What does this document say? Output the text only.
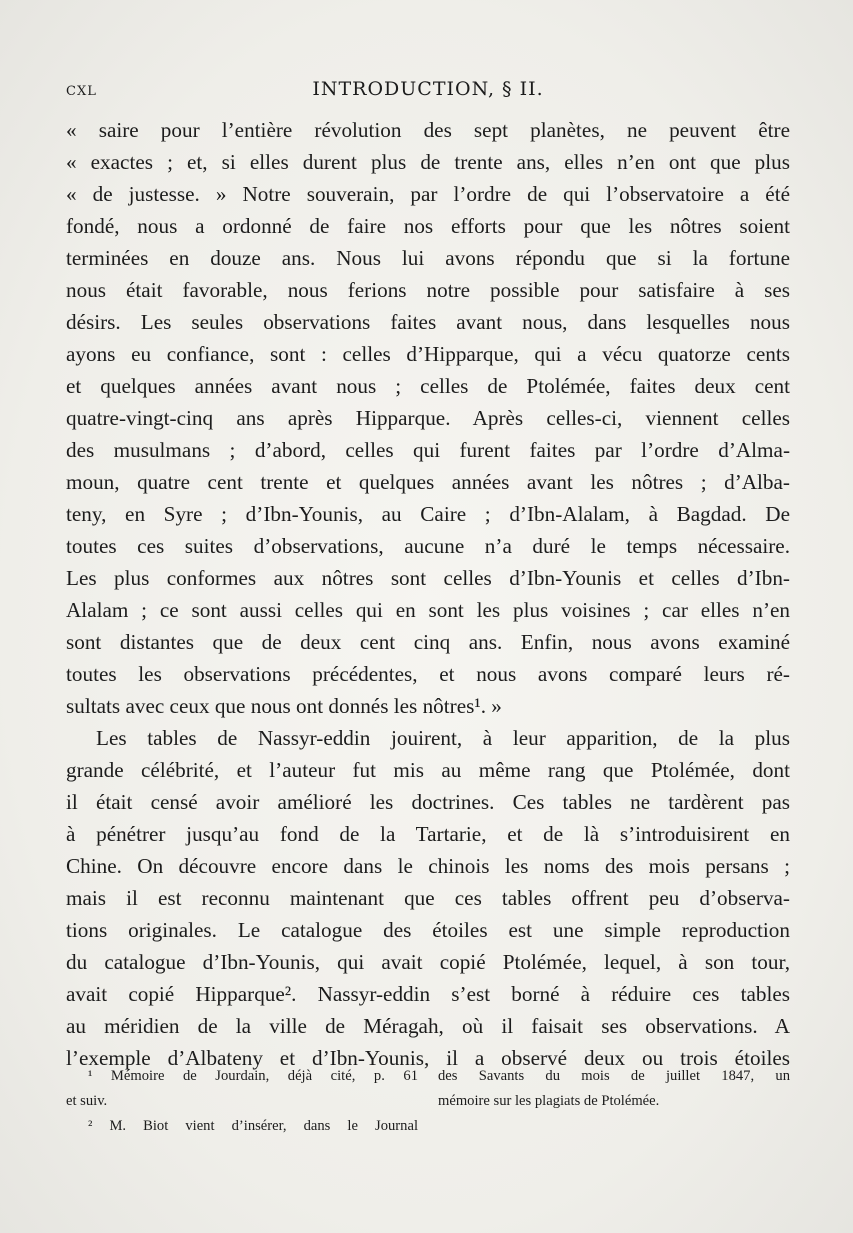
CXL	INTRODUCTION, § II.
« saire pour l’entière révolution des sept planètes, ne peuvent être
« exactes ; et, si elles durent plus de trente ans, elles n’en ont que plus
« de justesse. » Notre souverain, par l’ordre de qui l’observatoire a été
fondé, nous a ordonné de faire nos efforts pour que les nôtres soient
terminées en douze ans. Nous lui avons répondu que si la fortune
nous était favorable, nous ferions notre possible pour satisfaire à ses
désirs. Les seules observations faites avant nous, dans lesquelles nous
ayons eu confiance, sont : celles d’Hipparque, qui a vécu quatorze cents
et quelques années avant nous ; celles de Ptolémée, faites deux cent
quatre-vingt-cinq ans après Hipparque. Après celles-ci, viennent celles
des musulmans ; d’abord, celles qui furent faites par l’ordre d’Alma-
moun, quatre cent trente et quelques années avant les nôtres ; d’Alba-
teny, en Syre ; d’Ibn-Younis, au Caire ; d’Ibn-Alalam, à Bagdad. De
toutes ces suites d’observations, aucune n’a duré le temps nécessaire.
Les plus conformes aux nôtres sont celles d’Ibn-Younis et celles d’Ibn-
Alalam ; ce sont aussi celles qui en sont les plus voisines ; car elles n’en
sont distantes que de deux cent cinq ans. Enfin, nous avons examiné
toutes les observations précédentes, et nous avons comparé leurs ré-
sultats avec ceux que nous ont donnés les nôtres¹. »
Les tables de Nassyr-eddin jouirent, à leur apparition, de la plus
grande célébrité, et l’auteur fut mis au même rang que Ptolémée, dont
il était censé avoir amélioré les doctrines. Ces tables ne tardèrent pas
à pénétrer jusqu’au fond de la Tartarie, et de là s’introduisirent en
Chine. On découvre encore dans le chinois les noms des mois persans ;
mais il est reconnu maintenant que ces tables offrent peu d’observa-
tions originales. Le catalogue des étoiles est une simple reproduction
du catalogue d’Ibn-Younis, qui avait copié Ptolémée, lequel, à son tour,
avait copié Hipparque². Nassyr-eddin s’est borné à réduire ces tables
au méridien de la ville de Méragah, où il faisait ses observations. A
l’exemple d’Albateny et d’Ibn-Younis, il a observé deux ou trois étoiles
¹ Mémoire de Jourdain, déjà cité, p. 61
et suiv.
² M. Biot vient d’insérer, dans le Journal
des Savants du mois de juillet 1847, un
mémoire sur les plagiats de Ptolémée.
